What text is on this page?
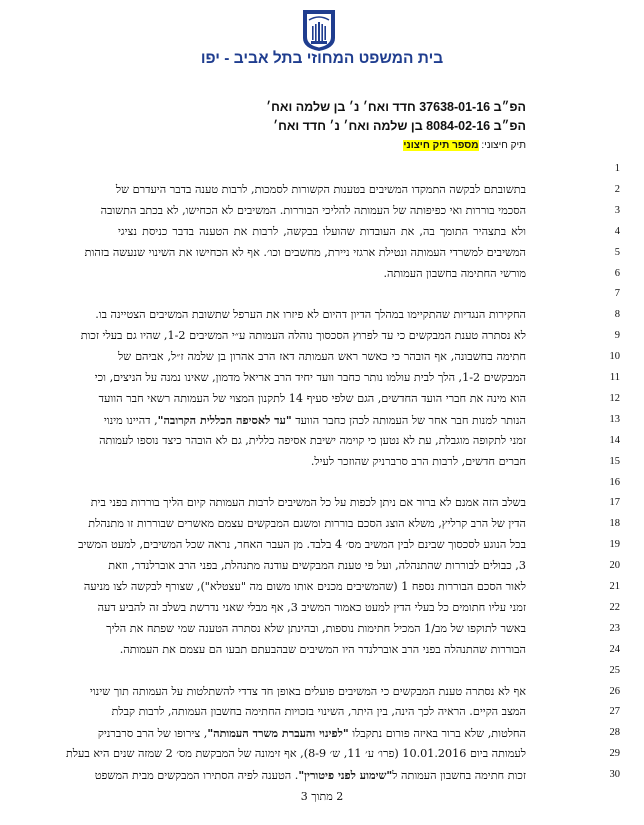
בית המשפט המחוזי בתל אביב - יפו
הפ״ב 37638-01-16 חדד ואח׳ נ׳ בן שלמה ואח׳
הפ״ב 8084-02-16 בן שלמה ואח׳ נ׳ חדד ואח׳
תיק חיצוני: מספר תיק חיצוני
1
2
בתשובתם לבקשה התמקדו המשיבים בטענות הקשורות לסמכות, לרבות טענה בדבר היעדרם של
3
הסכמי בוררות ואי כפיפותה של העמותה להליכי הבוררות. המשיבים לא הכחישו, לא בכתב התשובה
4
ולא בתצהיר התומך בה, את העובדות שהועלו בבקשה, לרבות את הטענה בדבר כניסת נציגי
5
המשיבים למשרדי העמותה ונטילת ארגזי ניירת, מחשבים וכו׳. אף לא הכחישו את השינוי שנעשה בזהות
6
מורשי החתימה בחשבון העמותה.
7
8
החקירות הנגדיות שהתקיימו במהלך הדיון דהיום לא פיזרו את הערפל שתשובת המשיבים הצטיינה בו.
9
לא נסתרה טענת המבקשים כי עד לפרוץ הסכסוך נוהלה העמותה ע״י המשיבים 1-2, שהיו גם בעלי זכות
10
חתימה בחשבונה, אף הובהר כי כאשר ראש העמותה דאז הרב אהרון בן שלמה ז״ל, אביהם של
11
המבקשים 1-2, הלך לבית עולמו נותר כחבר וועד יחיד הרב אריאל מדמון, שאינו נמנה על הניצים, וכי
12
הוא מינה את חברי הועד החדשים, הגם שלפי סעיף 14 לתקנון המצוי של העמותה רשאי חבר הוועד
13
הנותר למנות חבר אחר של העמותה לכהן כחבר הוועד "עד לאסיפה הכללית הקרובה", דהיינו מינוי
14
זמני לתקופה מוגבלת, עת לא נטען כי קוימה ישיבת אסיפה כללית, גם לא הובהר כיצד נוספו לעמותה
15
חברים חדשים, לרבות הרב סרברניק שהוזכר לעיל.
16
17
בשלב הזה אמנם לא ברור אם ניתן לכפות על כל המשיבים לרבות העמותה קיום הליך בוררות בפני בית
18
הדין של הרב קרליץ, משלא הוצג הסכם בוררות ומשגם המבקשים עצמם מאשרים שבוררות זו מתנהלת
19
בכל הנוגע לסכסוך שבינם לבין המשיב מס׳ 4 בלבד. מן העבר האחר, נראה שכל המשיבים, למעט המשיב
20
3, כבולים לבוררות שהתנהלה, ועל פי טענת המבקשים עודנה מתנהלת, בפני הרב אוברלנדר, וזאת
21
לאור הסכם הבוררות נספח 1 (שהמשיבים מכנים אותו משום מה "עצטלא"), שצורף לבקשה לצו מניעה
22
זמני עליו חתומים כל בעלי הדין למעט כאמור המשיב 3, אף מבלי שאני נדרשת בשלב זה להביע דעה
23
באשר לתוקפו של מב/1 המכיל חתימות נוספות, ובהינתן שלא נסתרה הטענה שמי שפתח את הליך
24
הבוררות שהתנהלה בפני הרב אוברלנדר היו המשיבים שבהבעתם תבעו הם עצמם את העמותה.
25
26
אף לא נסתרה טענת המבקשים כי המשיבים פועלים באופן חד צדדי להשתלטות על העמותה תוך שינוי
27
המצב הקיים. הראיה לכך הינה, בין היתר, השינוי בזכויות החתימה בחשבון העמותה, לרבות קבלת
28
החלטות, שלא ברור באיזה פורום נתקבלו "לפינוי והעברת משרד העמותה", צירופו של הרב סרברניק
29
לעמותה ביום 10.01.2016 (פרו׳ ע׳ 11, ש׳ 8-9), אף זימונה של המבקשת מס׳ 2 שמזה שנים היא בעלת
30
זכות חתימה בחשבון העמותה ל"שימוע לפני פיטורין". הטענה לפיה הסתירו המבקשים מבית המשפט
2 מתוך 3
